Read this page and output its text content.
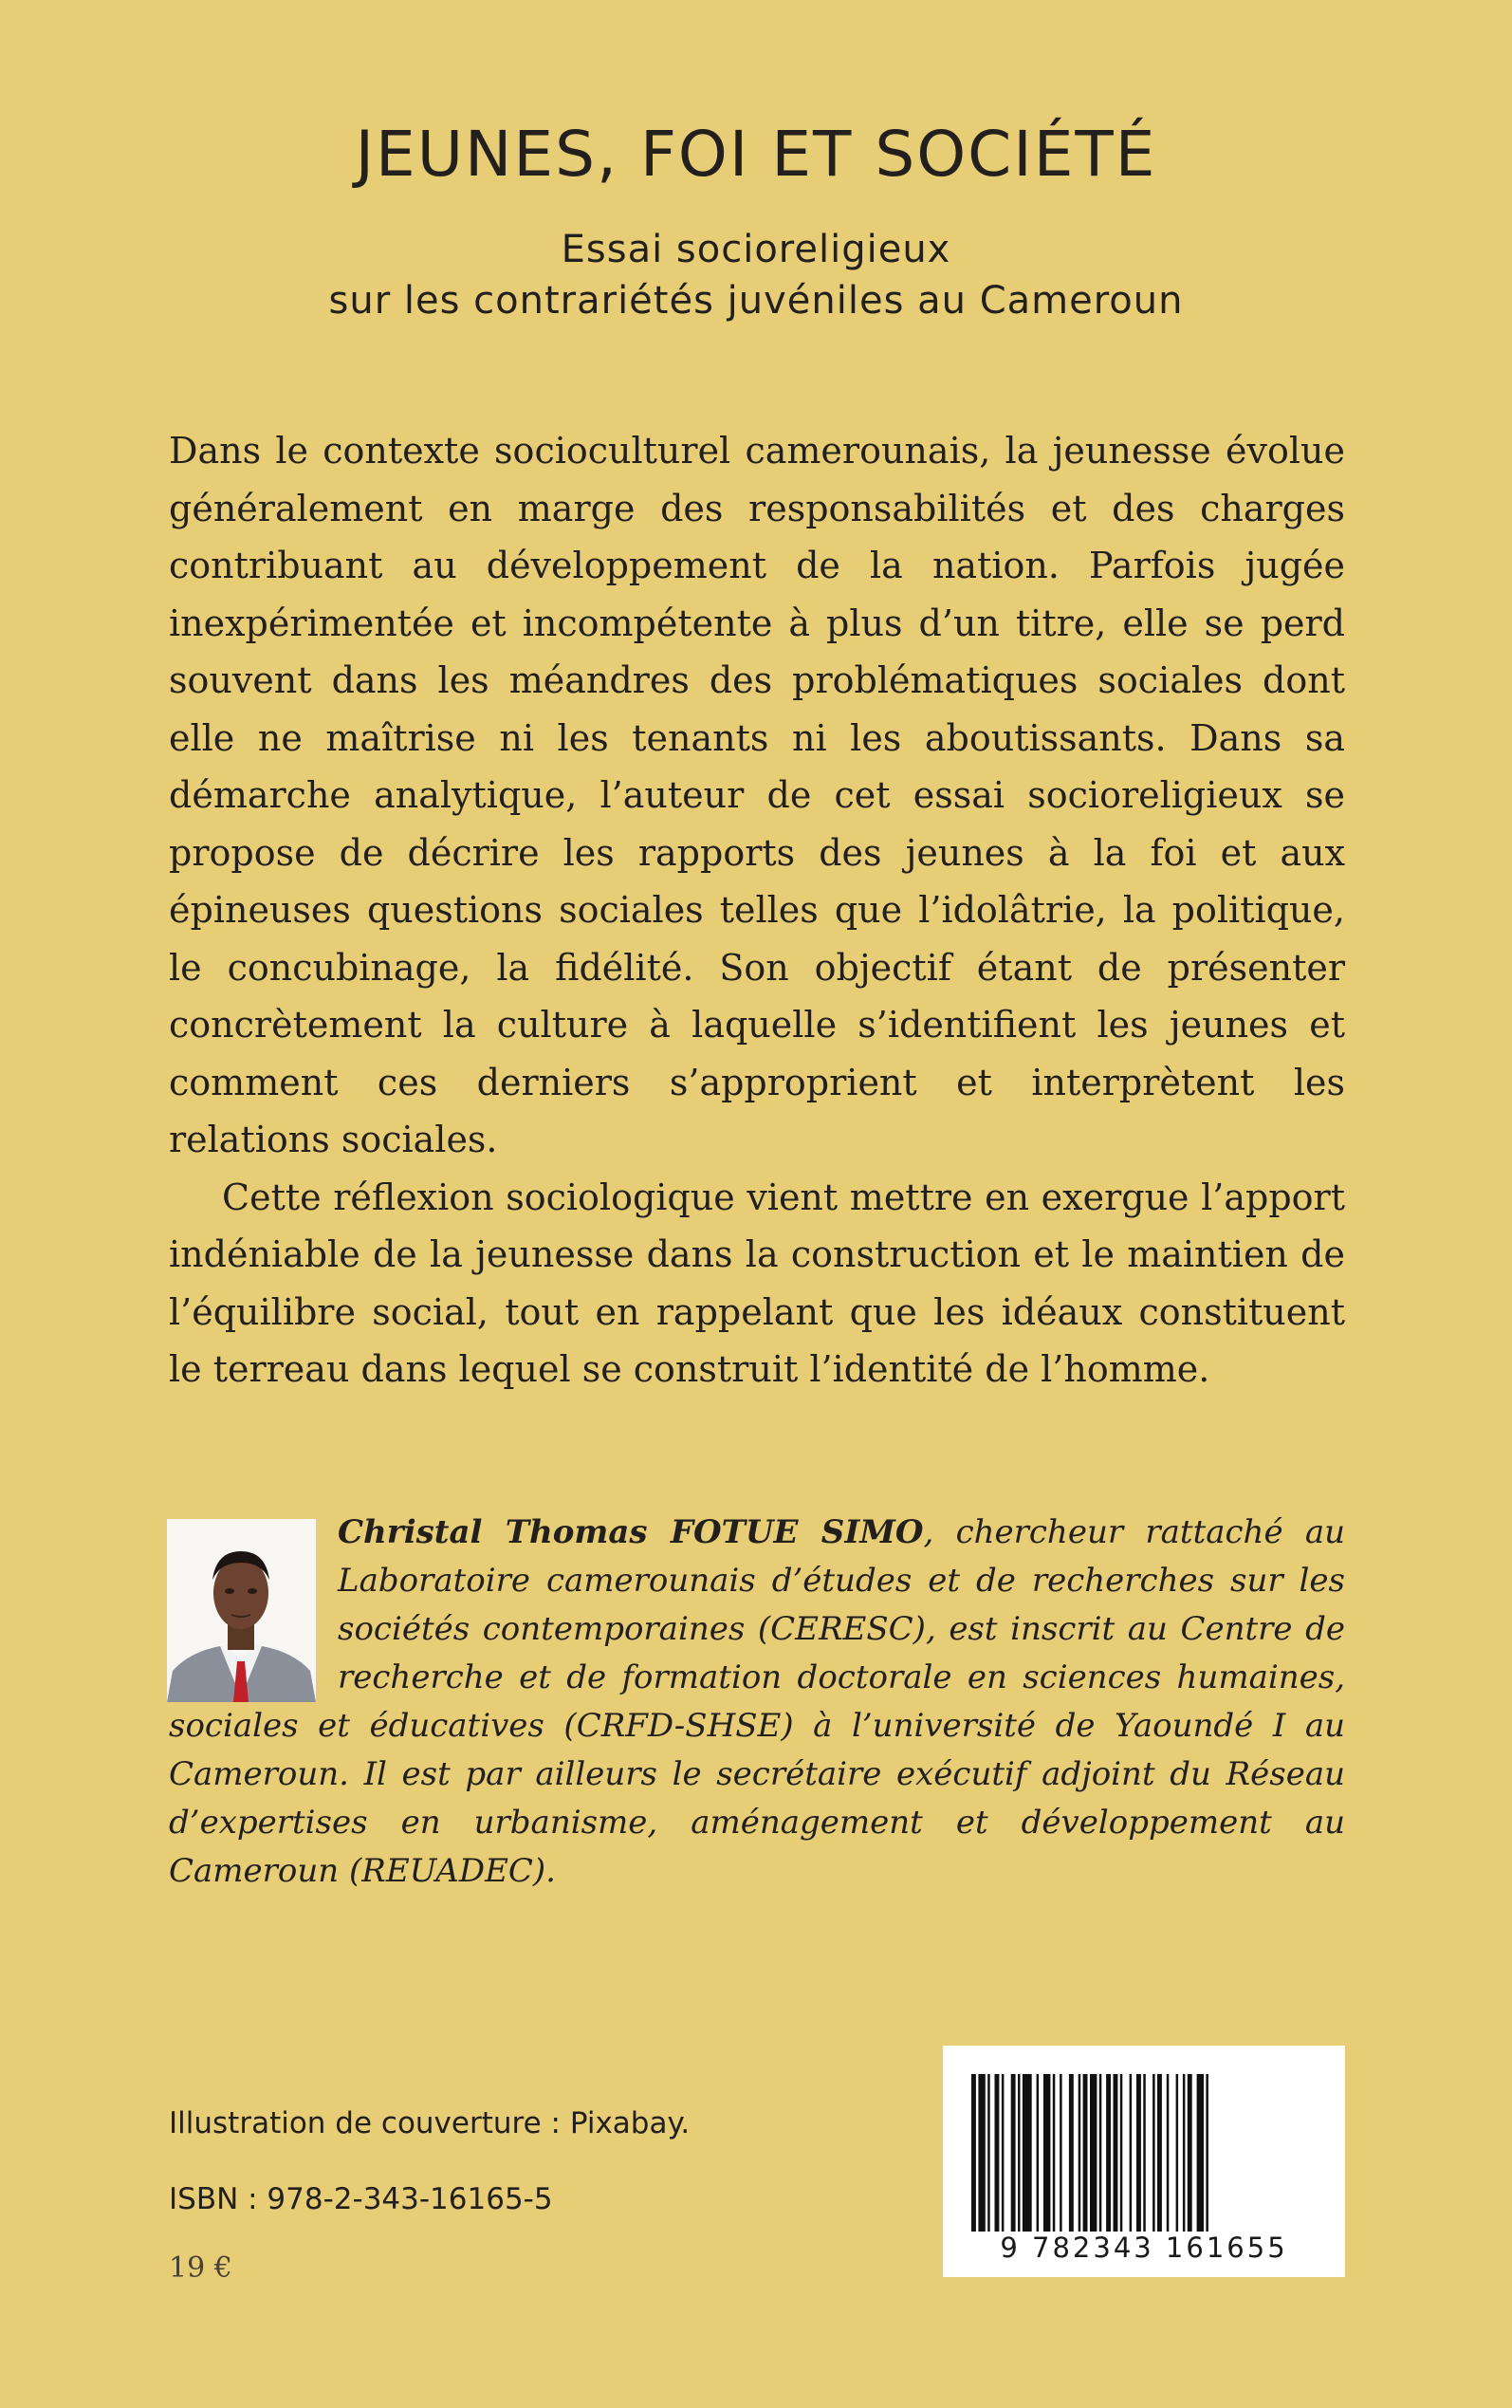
JEUNES, FOI ET SOCIÉTÉ
Essai socioreligieux
sur les contrariétés juvéniles au Cameroun

Dans le contexte socioculturel camerounais, la jeunesse évolue généralement en marge des responsabilités et des charges contribuant au développement de la nation. Parfois jugée inexpérimentée et incompétente à plus d’un titre, elle se perd souvent dans les méandres des problématiques sociales dont elle ne maîtrise ni les tenants ni les aboutissants. Dans sa démarche analytique, l’auteur de cet essai socioreligieux se propose de décrire les rapports des jeunes à la foi et aux épineuses questions sociales telles que l’idolâtrie, la politique, le concubinage, la fidélité. Son objectif étant de présenter concrètement la culture à laquelle s’identifient les jeunes et comment ces derniers s’approprient et interprètent les relations sociales.

Cette réflexion sociologique vient mettre en exergue l’apport indéniable de la jeunesse dans la construction et le maintien de l’équilibre social, tout en rappelant que les idéaux constituent le terreau dans lequel se construit l’identité de l’homme.

Christal Thomas FOTUE SIMO, chercheur rattaché au Laboratoire camerounais d’études et de recherches sur les sociétés contemporaines (CERESC), est inscrit au Centre de recherche et de formation doctorale en sciences humaines, sociales et éducatives (CRFD-SHSE) à l’université de Yaoundé I au Cameroun. Il est par ailleurs le secrétaire exécutif adjoint du Réseau d’expertises en urbanisme, aménagement et développement au Cameroun (REUADEC).
Illustration de couverture : Pixabay.
ISBN : 978-2-343-16165-5
19 €
9 782343 161655
